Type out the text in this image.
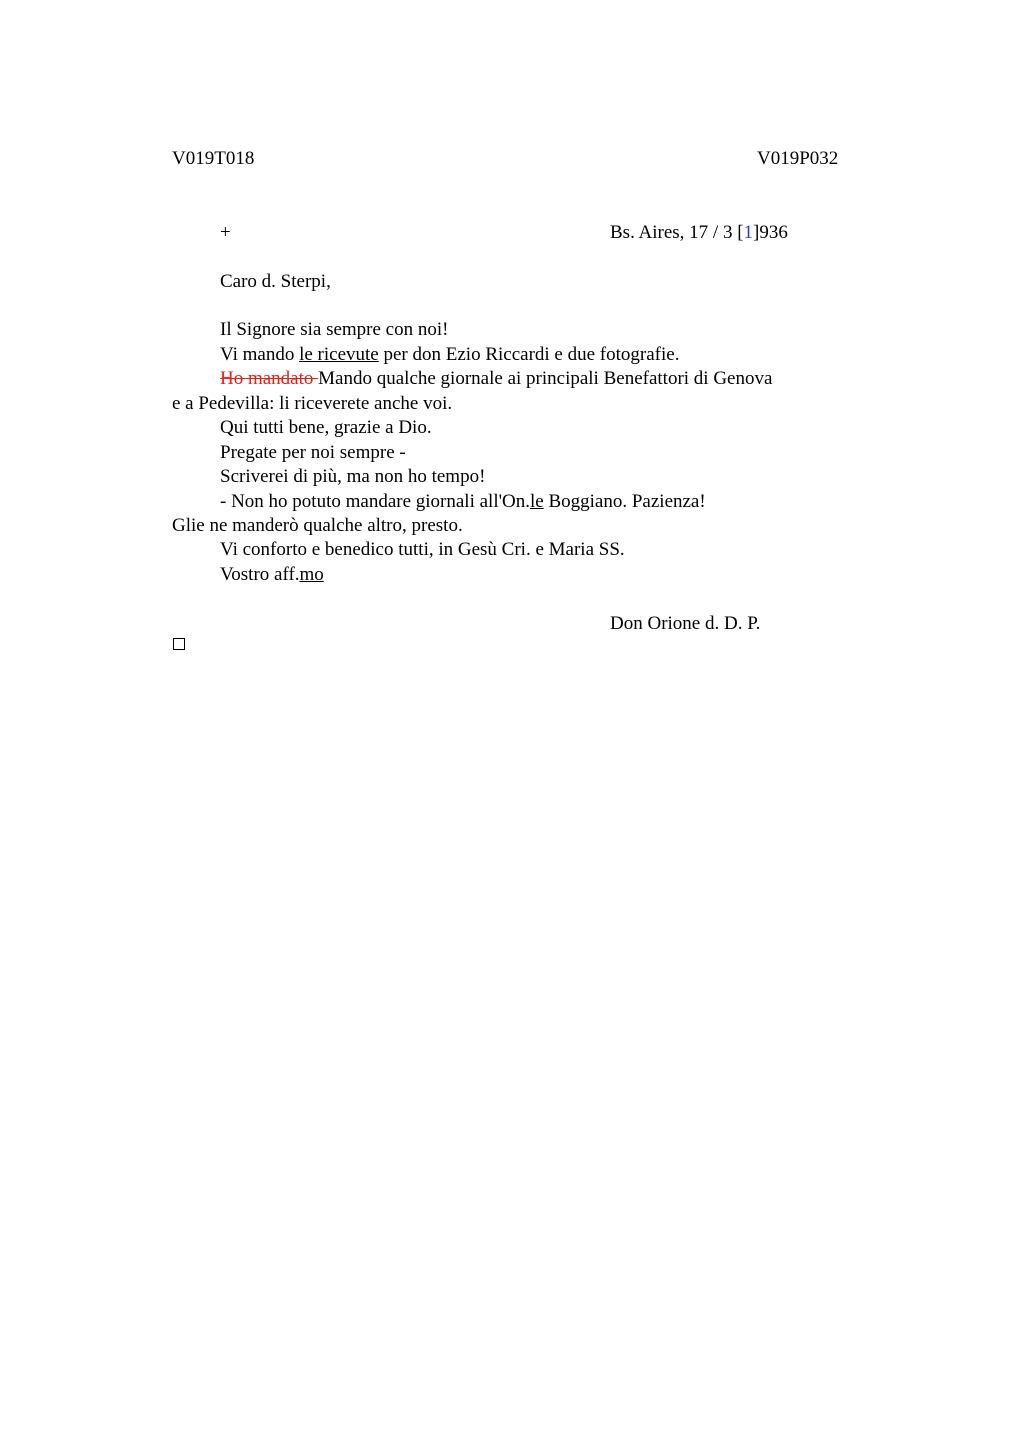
V019T018	V019P032
+	Bs. Aires, 17 / 3 [1]936
Caro d. Sterpi,
Il Signore sia sempre con noi!
Vi mando le ricevute per don Ezio Riccardi e due fotografie.
Ho mandato Mando qualche giornale ai principali Benefattori di Genova
e a Pedevilla: li riceverete anche voi.
Qui tutti bene, grazie a Dio.
Pregate per noi sempre -
Scriverei di più, ma non ho tempo!
- Non ho potuto mandare giornali all'On.le Boggiano. Pazienza!
Glie ne manderò qualche altro, presto.
Vi conforto e benedico tutti, in Gesù Cri. e Maria SS.
Vostro aff.mo
Don Orione d. D. P.
